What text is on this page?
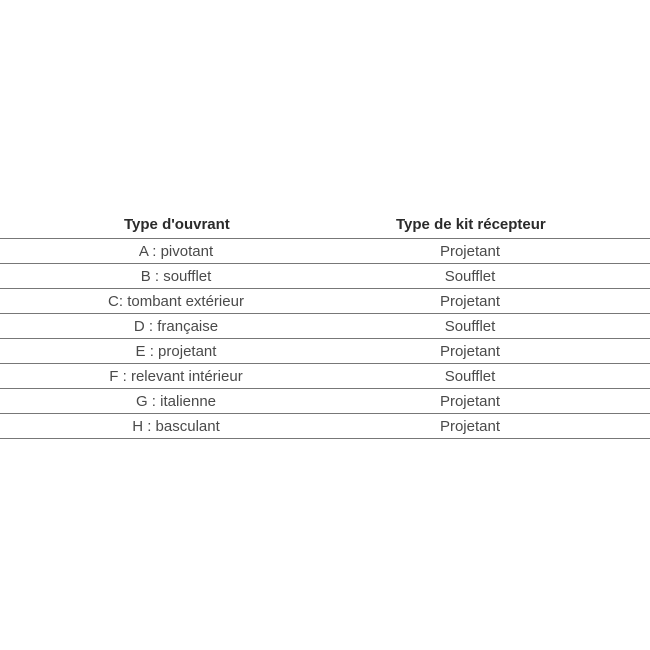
Type d'ouvrant	Type de kit récepteur

A : pivotant	Projetant

B : soufflet	Soufflet

C: tombant extérieur	Projetant

D : française	Soufflet

E : projetant	Projetant

F : relevant intérieur	Soufflet

G : italienne	Projetant

H : basculant	Projetant
